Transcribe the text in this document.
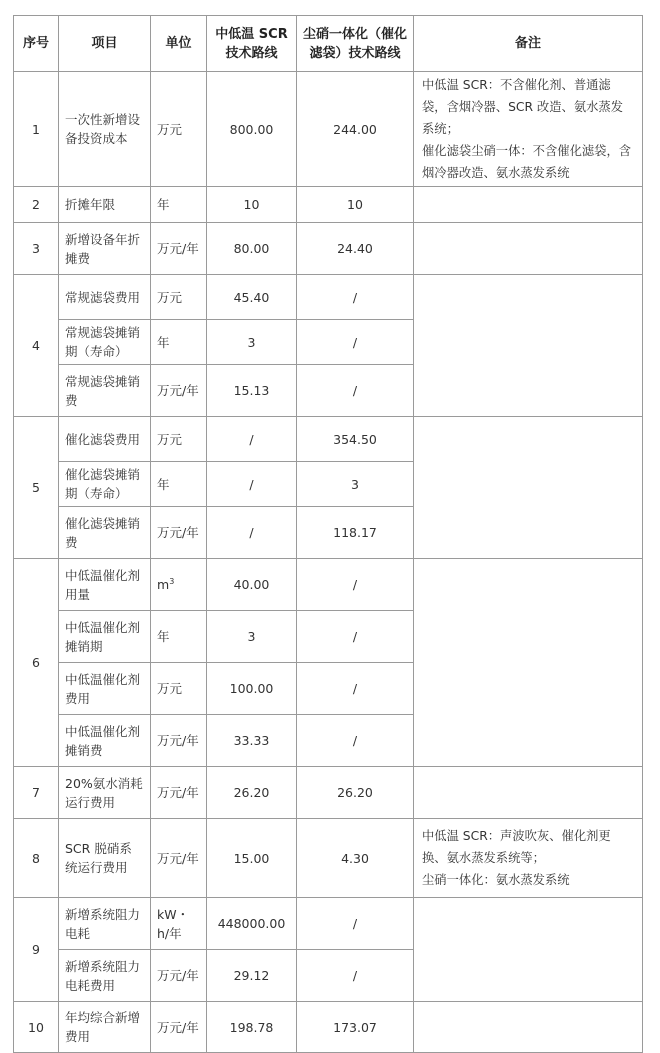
序号	项目	单位	中低温 SCR 技术路线	尘硝一体化（催化滤袋）技术路线	备注
1	一次性新增设备投资成本	万元	800.00	244.00	中低温 SCR：不含催化剂、普通滤袋，含烟冷器、SCR 改造、氨水蒸发系统；
催化滤袋尘硝一体：不含催化滤袋，含烟冷器改造、氨水蒸发系统

2	折摊年限	年	10	10	
3	新增设备年折摊费	万元/年	80.00	24.40	
4	常规滤袋费用	万元	45.40	/	
	常规滤袋摊销期（寿命）	年	3	/	
	常规滤袋摊销费	万元/年	15.13	/	
5	催化滤袋费用	万元	/	354.50	
	催化滤袋摊销期（寿命）	年	/	3	
	催化滤袋摊销费	万元/年	/	118.17	
6	中低温催化剂用量	$m^3$	40.00	/	
	中低温催化剂摊销期	年	3	/	
	中低温催化剂费用	万元	100.00	/	
	中低温催化剂摊销费	万元/年	33.33	/	
7	20%氨水消耗运行费用	万元/年	26.20	26.20	
8	SCR 脱硝系统运行费用	万元/年	15.00	4.30	中低温 SCR：声波吹灰、催化剂更换、氨水蒸发系统等；
尘硝一体化：氨水蒸发系统

9	新增系统阻力电耗	kW・h/年	448000.00	/	
	新增系统阻力电耗费用	万元/年	29.12	/	
10	年均综合新增费用	万元/年	198.78	173.07	
